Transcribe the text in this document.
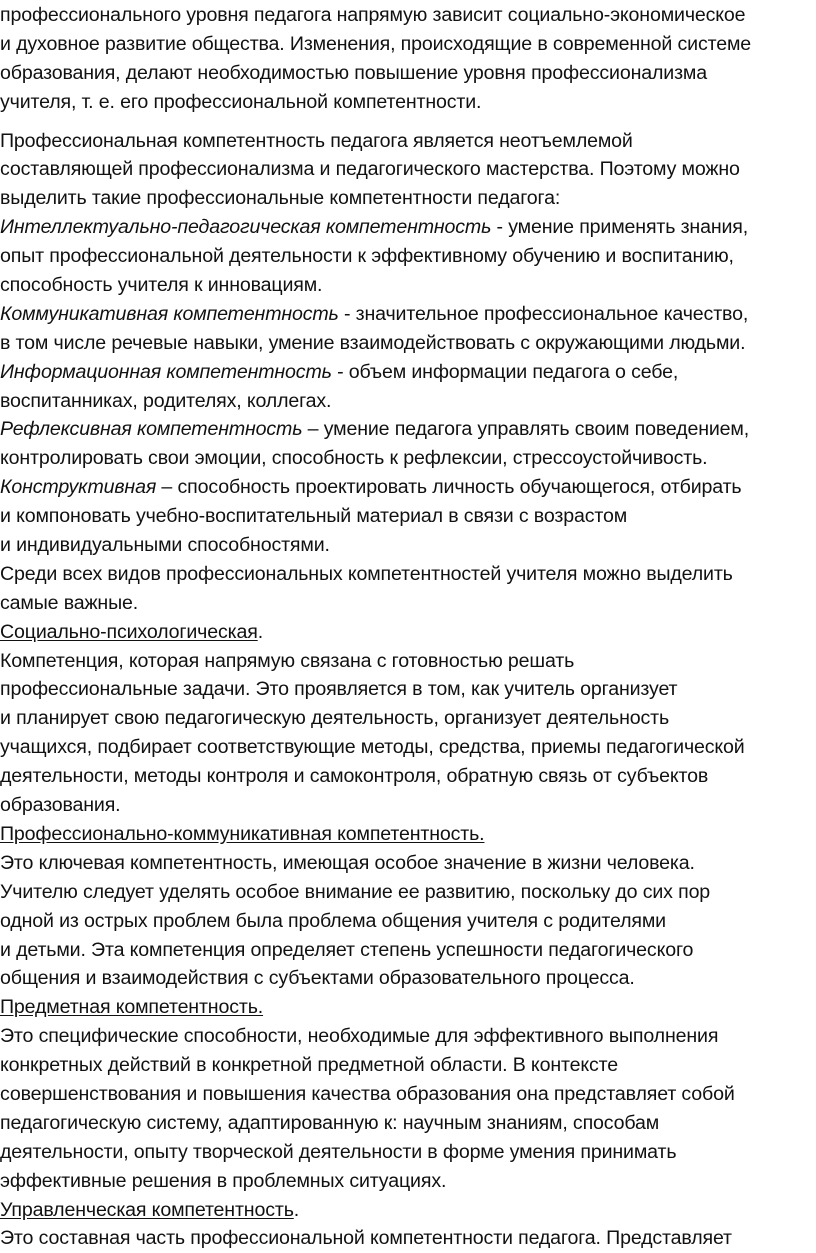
профессионального уровня педагога напрямую зависит социально-экономическое
и духовное развитие общества. Изменения, происходящие в современной системе
образования, делают необходимостью повышение уровня профессионализма
учителя, т. е. его профессиональной компетентности.
Профессиональная компетентность педагога является неотъемлемой
составляющей профессионализма и педагогического мастерства. Поэтому можно
выделить такие профессиональные компетентности педагога:
Интеллектуально-педагогическая компетентность - умение применять знания,
опыт профессиональной деятельности к эффективному обучению и воспитанию,
способность учителя к инновациям.
Коммуникативная компетентность - значительное профессиональное качество,
в том числе речевые навыки, умение взаимодействовать с окружающими людьми.
Информационная компетентность - объем информации педагога о себе,
воспитанниках, родителях, коллегах.
Рефлексивная компетентность – умение педагога управлять своим поведением,
контролировать свои эмоции, способность к рефлексии, стрессоустойчивость.
Конструктивная – способность проектировать личность обучающегося, отбирать
и компоновать учебно-воспитательный материал в связи с возрастом
и индивидуальными способностями.
Среди всех видов профессиональных компетентностей учителя можно выделить
самые важные.
Социально-психологическая.
Компетенция, которая напрямую связана с готовностью решать
профессиональные задачи. Это проявляется в том, как учитель организует
и планирует свою педагогическую деятельность, организует деятельность
учащихся, подбирает соответствующие методы, средства, приемы педагогической
деятельности, методы контроля и самоконтроля, обратную связь от субъектов
образования.
Профессионально-коммуникативная компетентность.
Это ключевая компетентность, имеющая особое значение в жизни человека.
Учителю следует уделять особое внимание ее развитию, поскольку до сих пор
одной из острых проблем была проблема общения учителя с родителями
и детьми. Эта компетенция определяет степень успешности педагогического
общения и взаимодействия с субъектами образовательного процесса.
Предметная компетентность.
Это специфические способности, необходимые для эффективного выполнения
конкретных действий в конкретной предметной области. В контексте
совершенствования и повышения качества образования она представляет собой
педагогическую систему, адаптированную к: научным знаниям, способам
деятельности, опыту творческой деятельности в форме умения принимать
эффективные решения в проблемных ситуациях.
Управленческая компетентность.
Это составная часть профессиональной компетентности педагога. Представляет
